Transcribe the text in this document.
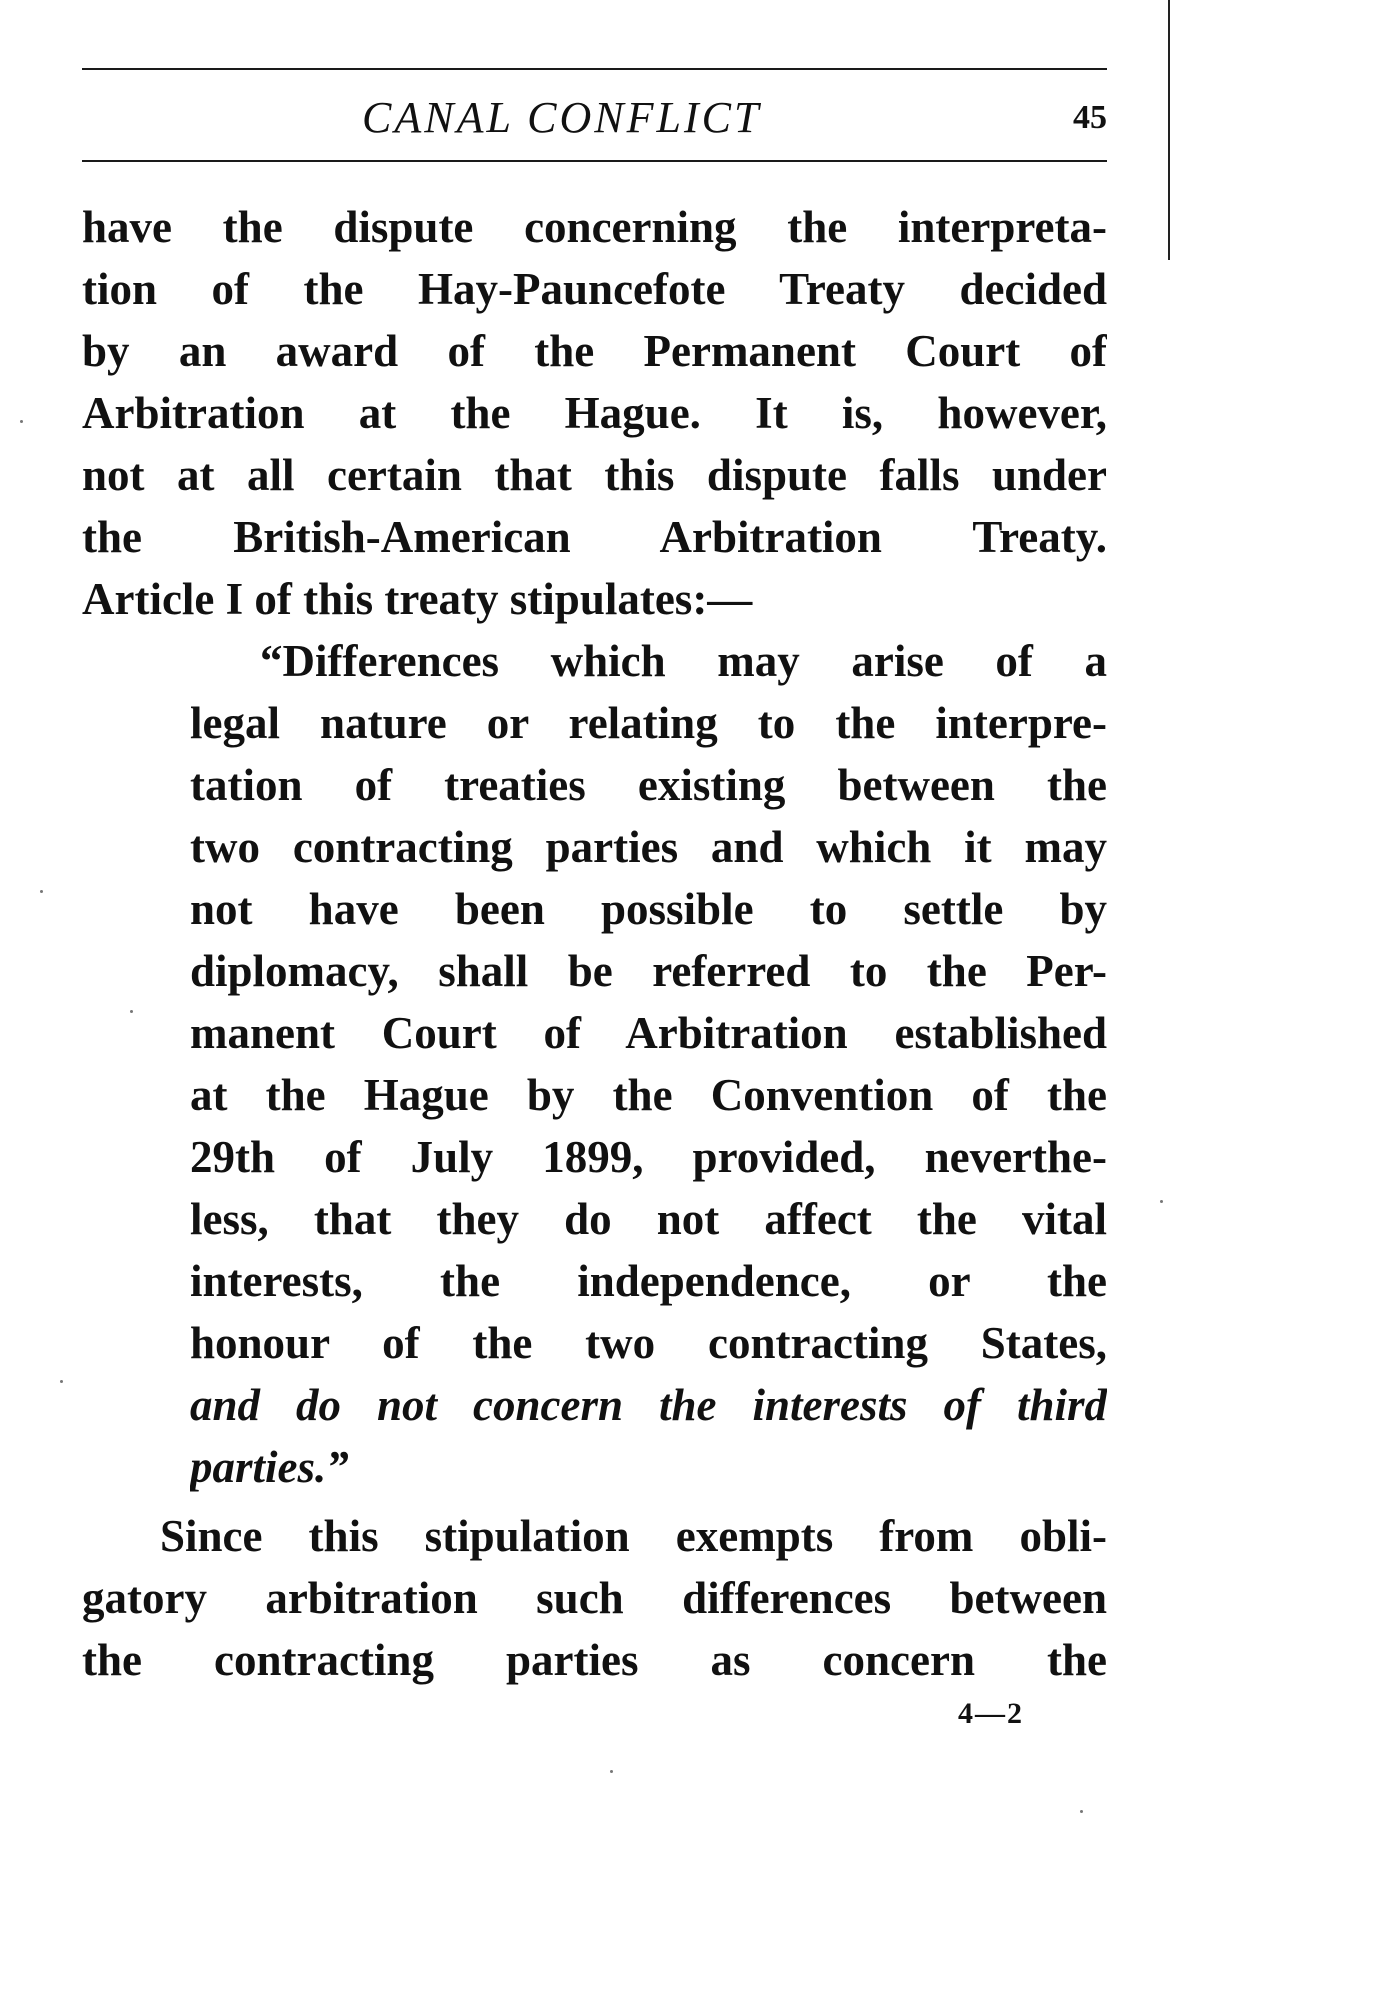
CANAL CONFLICT	45
have the dispute concerning the interpreta-
tion of the Hay-Pauncefote Treaty decided
by an award of the Permanent Court of
Arbitration at the Hague. It is, however,
not at all certain that this dispute falls under
the British-American Arbitration Treaty.
Article I of this treaty stipulates:—
“Differences which may arise of a
legal nature or relating to the interpre-
tation of treaties existing between the
two contracting parties and which it may
not have been possible to settle by
diplomacy, shall be referred to the Per-
manent Court of Arbitration established
at the Hague by the Convention of the
29th of July 1899, provided, neverthe-
less, that they do not affect the vital
interests, the independence, or the
honour of the two contracting States,
and do not concern the interests of third
parties.”
Since this stipulation exempts from obli-
gatory arbitration such differences between
the contracting parties as concern the
4—2
